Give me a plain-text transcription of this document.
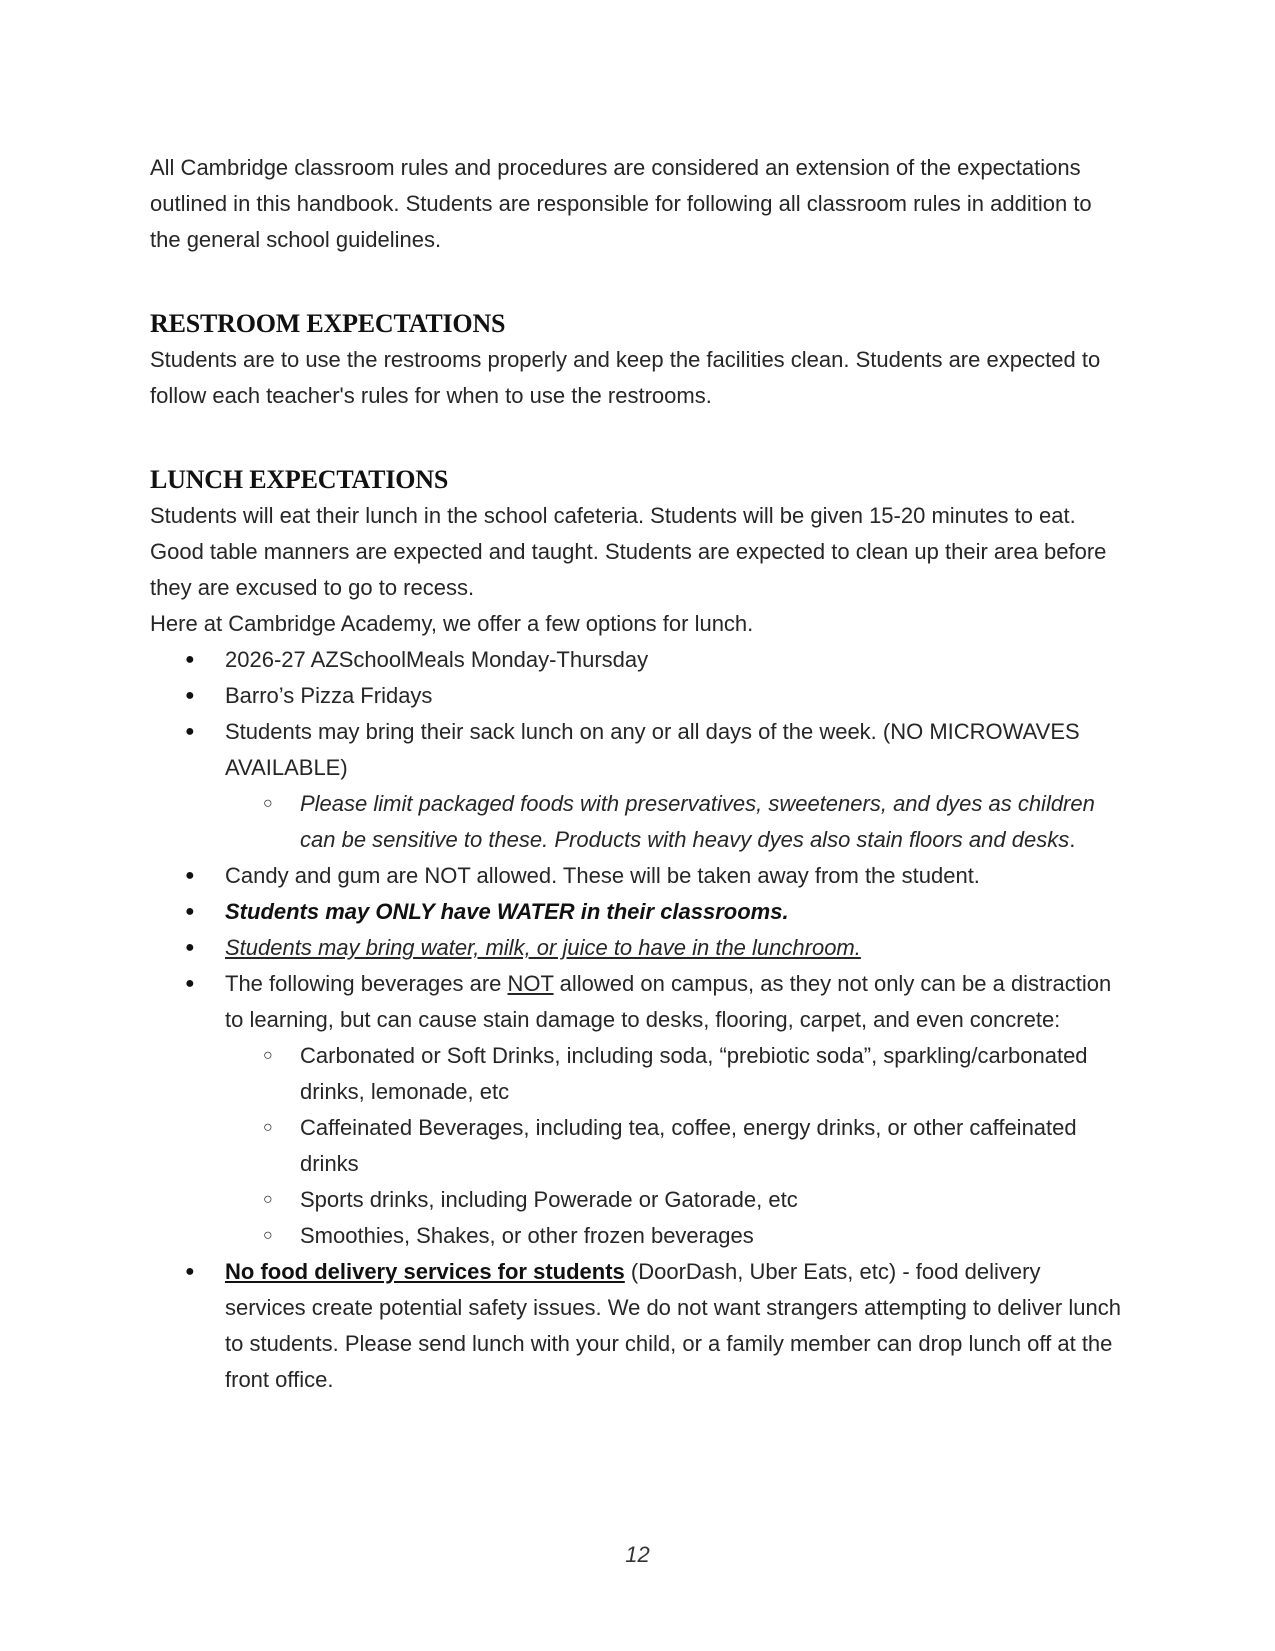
All Cambridge classroom rules and procedures are considered an extension of the expectations outlined in this handbook. Students are responsible for following all classroom rules in addition to the general school guidelines.

RESTROOM EXPECTATIONS

Students are to use the restrooms properly and keep the facilities clean. Students are expected to follow each teacher's rules for when to use the restrooms.

LUNCH EXPECTATIONS

Students will eat their lunch in the school cafeteria. Students will be given 15-20 minutes to eat. Good table manners are expected and taught. Students are expected to clean up their area before they are excused to go to recess.

Here at Cambridge Academy, we offer a few options for lunch.

● 2026-27 AZSchoolMeals Monday-Thursday
● Barro’s Pizza Fridays
● Students may bring their sack lunch on any or all days of the week. (NO MICROWAVES AVAILABLE)
○ Please limit packaged foods with preservatives, sweeteners, and dyes as children can be sensitive to these. Products with heavy dyes also stain floors and desks.
● Candy and gum are NOT allowed. These will be taken away from the student.
● Students may ONLY have WATER in their classrooms.
● Students may bring water, milk, or juice to have in the lunchroom.
● The following beverages are NOT allowed on campus, as they not only can be a distraction to learning, but can cause stain damage to desks, flooring, carpet, and even concrete:
○ Carbonated or Soft Drinks, including soda, “prebiotic soda”, sparkling/carbonated drinks, lemonade, etc
○ Caffeinated Beverages, including tea, coffee, energy drinks, or other caffeinated drinks
○ Sports drinks, including Powerade or Gatorade, etc
○ Smoothies, Shakes, or other frozen beverages
● No food delivery services for students (DoorDash, Uber Eats, etc) - food delivery services create potential safety issues. We do not want strangers attempting to deliver lunch to students. Please send lunch with your child, or a family member can drop lunch off at the front office.
12
